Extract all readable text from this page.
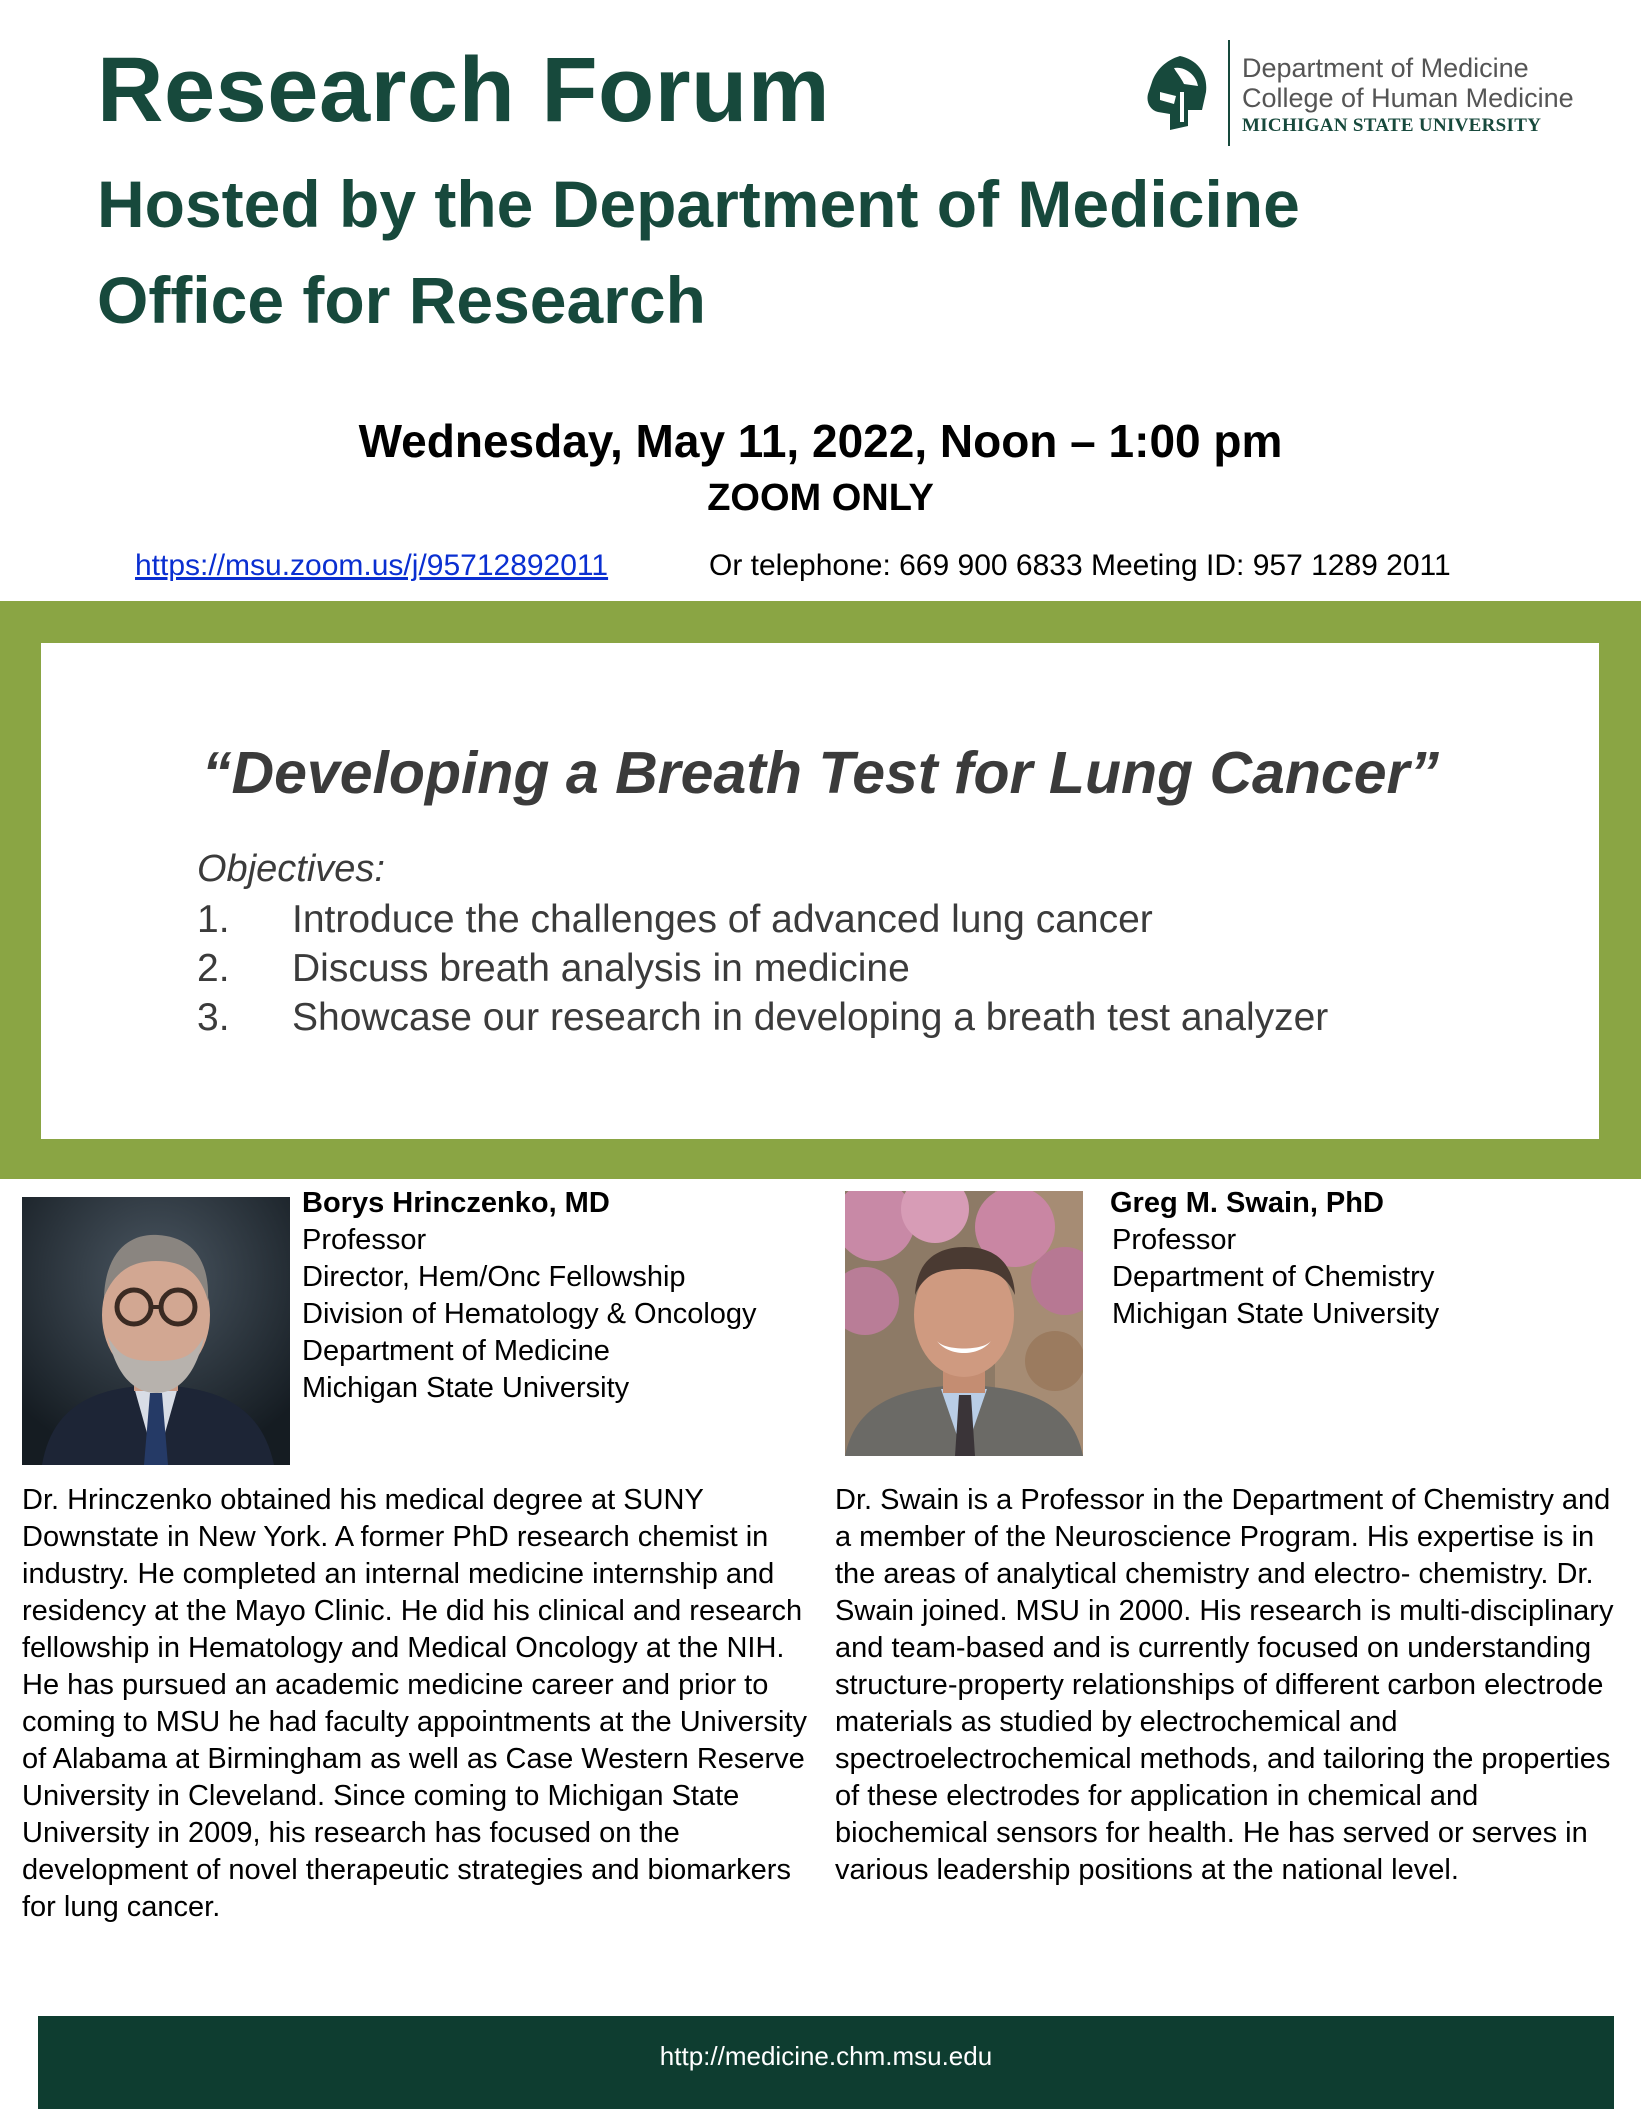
Research Forum
Hosted by the Department of Medicine
Office for Research
Department of Medicine
College of Human Medicine
MICHIGAN STATE UNIVERSITY
Wednesday, May 11, 2022, Noon – 1:00 pm
ZOOM ONLY
https://msu.zoom.us/j/95712892011	Or telephone: 669 900 6833 Meeting ID: 957 1289 2011
“Developing a Breath Test for Lung Cancer”
Objectives:
1. Introduce the challenges of advanced lung cancer
2. Discuss breath analysis in medicine
3. Showcase our research in developing a breath test analyzer
Borys Hrinczenko, MD
Professor
Director, Hem/Onc Fellowship
Division of Hematology & Oncology
Department of Medicine
Michigan State University
Greg M. Swain, PhD
Professor
Department of Chemistry
Michigan State University
Dr. Hrinczenko obtained his medical degree at SUNY Downstate in New York. A former PhD research chemist in industry. He completed an internal medicine internship and residency at the Mayo Clinic. He did his clinical and research fellowship in Hematology and Medical Oncology at the NIH. He has pursued an academic medicine career and prior to coming to MSU he had faculty appointments at the University of Alabama at Birmingham as well as Case Western Reserve University in Cleveland. Since coming to Michigan State University in 2009, his research has focused on the development of novel therapeutic strategies and biomarkers for lung cancer.
Dr. Swain is a Professor in the Department of Chemistry and a member of the Neuroscience Program. His expertise is in the areas of analytical chemistry and electro- chemistry. Dr. Swain joined. MSU in 2000. His research is multi-disciplinary and team-based and is currently focused on understanding structure-property relationships of different carbon electrode materials as studied by electrochemical and spectroelectrochemical methods, and tailoring the properties of these electrodes for application in chemical and biochemical sensors for health. He has served or serves in various leadership positions at the national level.
http://medicine.chm.msu.edu
